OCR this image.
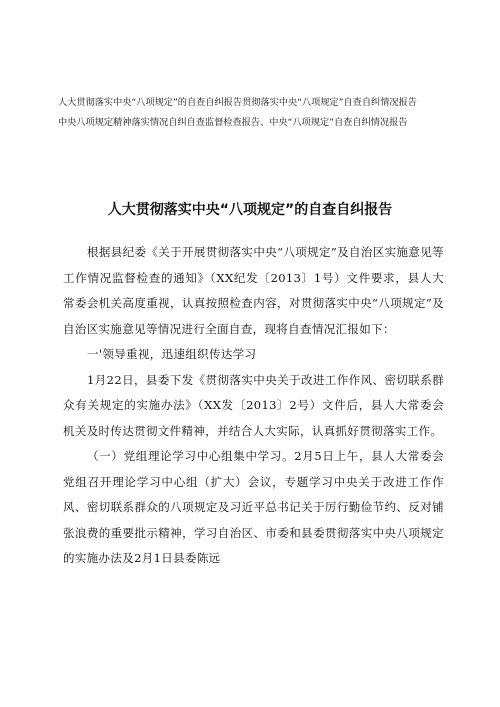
人大贯彻落实中央“八项规定”的自查自纠报告贯彻落实中央“八项规定”自查自纠情况报告

中央八项规定精神落实情况自纠自查监督检查报告、中央“八项规定”自查自纠情况报告

人大贯彻落实中央“八项规定”的自查自纠报告

根据县纪委《关于开展贯彻落实中央“八项规定”及自治区实施意见等工作情况监督检查的通知》（XX纪发〔2013〕1号）文件要求，县人大常委会机关高度重视，认真按照检查内容，对贯彻落实中央“八项规定”及自治区实施意见等情况进行全面自查，现将自查情况汇报如下：

一'领导重视，迅速组织传达学习

1月22日，县委下发《贯彻落实中央关于改进工作作风、密切联系群众有关规定的实施办法》（XX发〔2013〕2号）文件后，县人大常委会机关及时传达贯彻文件精神，并结合人大实际，认真抓好贯彻落实工作。

（一）党组理论学习中心组集中学习。2月5日上午，县人大常委会党组召开理论学习中心组（扩大）会议，专题学习中央关于改进工作作风、密切联系群众的八项规定及习近平总书记关于厉行勤俭节约、反对铺张浪费的重要批示精神，学习自治区、市委和县委贯彻落实中央八项规定的实施办法及2月1日县委陈远
